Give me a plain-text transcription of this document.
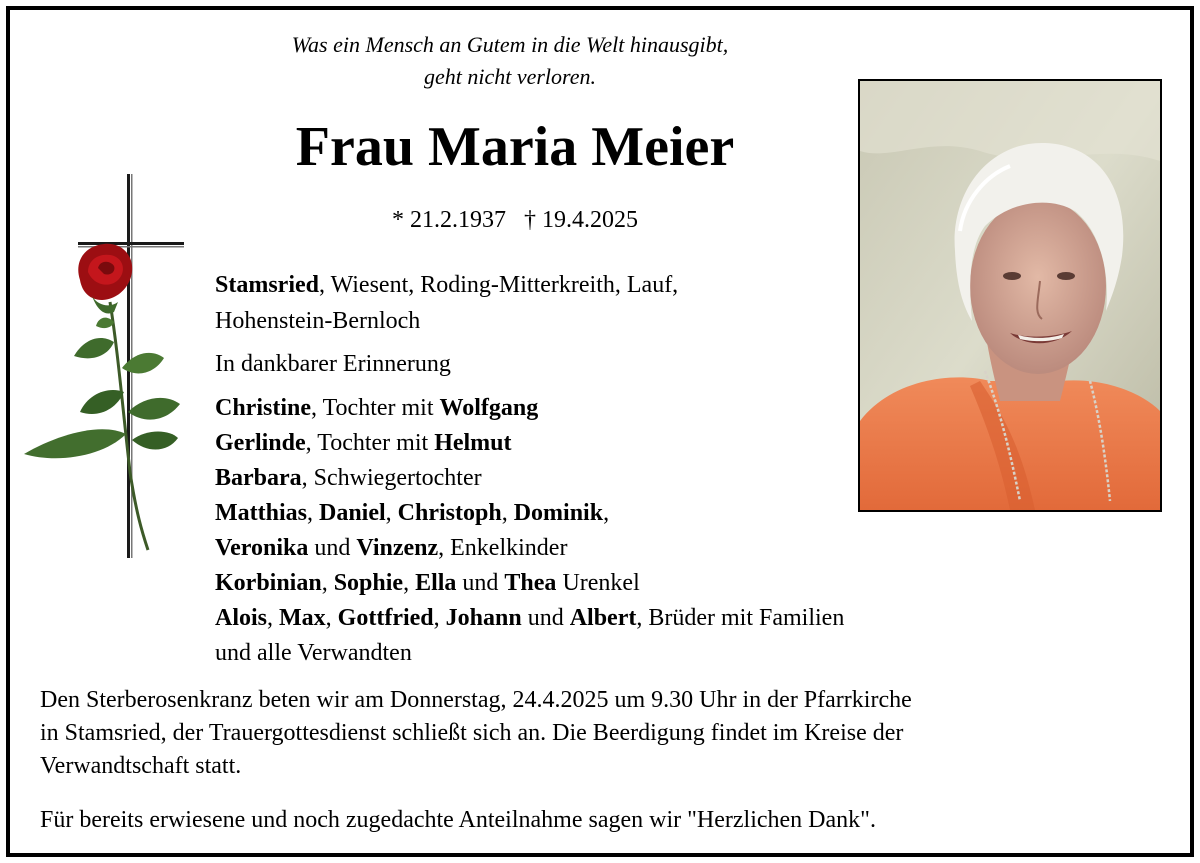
Was ein Mensch an Gutem in die Welt hinausgibt,
geht nicht verloren.
Frau Maria Meier
* 21.2.1937 † 19.4.2025
Stamsried, Wiesent, Roding-Mitterkreith, Lauf,
Hohenstein-Bernloch
In dankbarer Erinnerung
Christine, Tochter mit Wolfgang
Gerlinde, Tochter mit Helmut
Barbara, Schwiegertochter
Matthias, Daniel, Christoph, Dominik,
Veronika und Vinzenz, Enkelkinder
Korbinian, Sophie, Ella und Thea Urenkel
Alois, Max, Gottfried, Johann und Albert, Brüder mit Familien
und alle Verwandten
Den Sterberosenkranz beten wir am Donnerstag, 24.4.2025 um 9.30 Uhr in der Pfarrkirche
in Stamsried, der Trauergottesdienst schließt sich an. Die Beerdigung findet im Kreise der
Verwandtschaft statt.
Für bereits erwiesene und noch zugedachte Anteilnahme sagen wir "Herzlichen Dank".
